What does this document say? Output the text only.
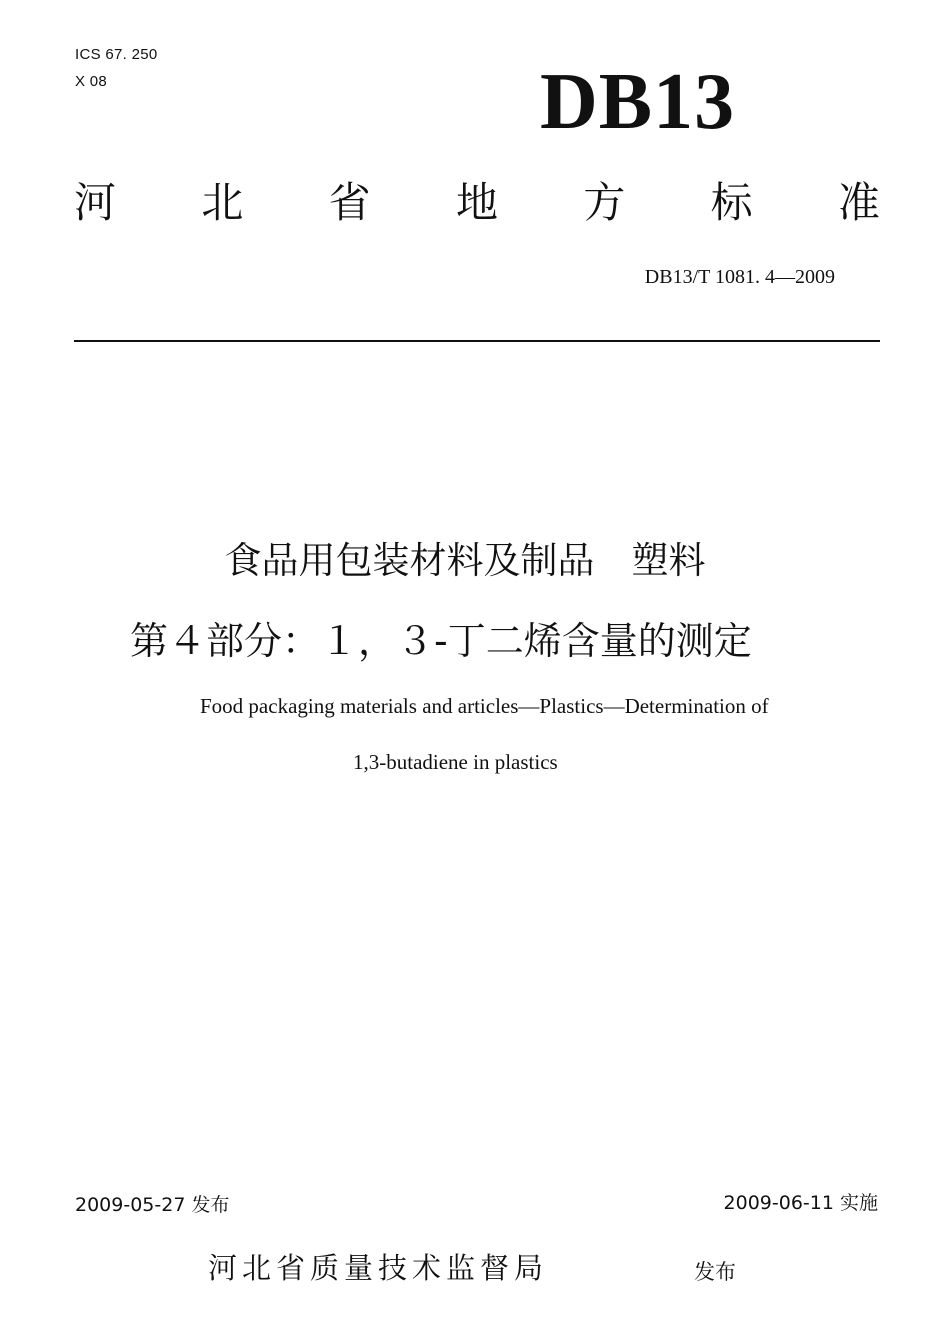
ICS 67. 250
X 08	DB13
河 北 省 地 方 标 准
DB13/T 1081. 4—2009
食品用包装材料及制品　塑料
第４部分：１，３-丁二烯含量的测定
Food packaging materials and articles—Plastics—Determination of
1,3-butadiene in plastics
2009-05-27 发布	2009-06-11 实施
河北省质量技术监督局	发布
